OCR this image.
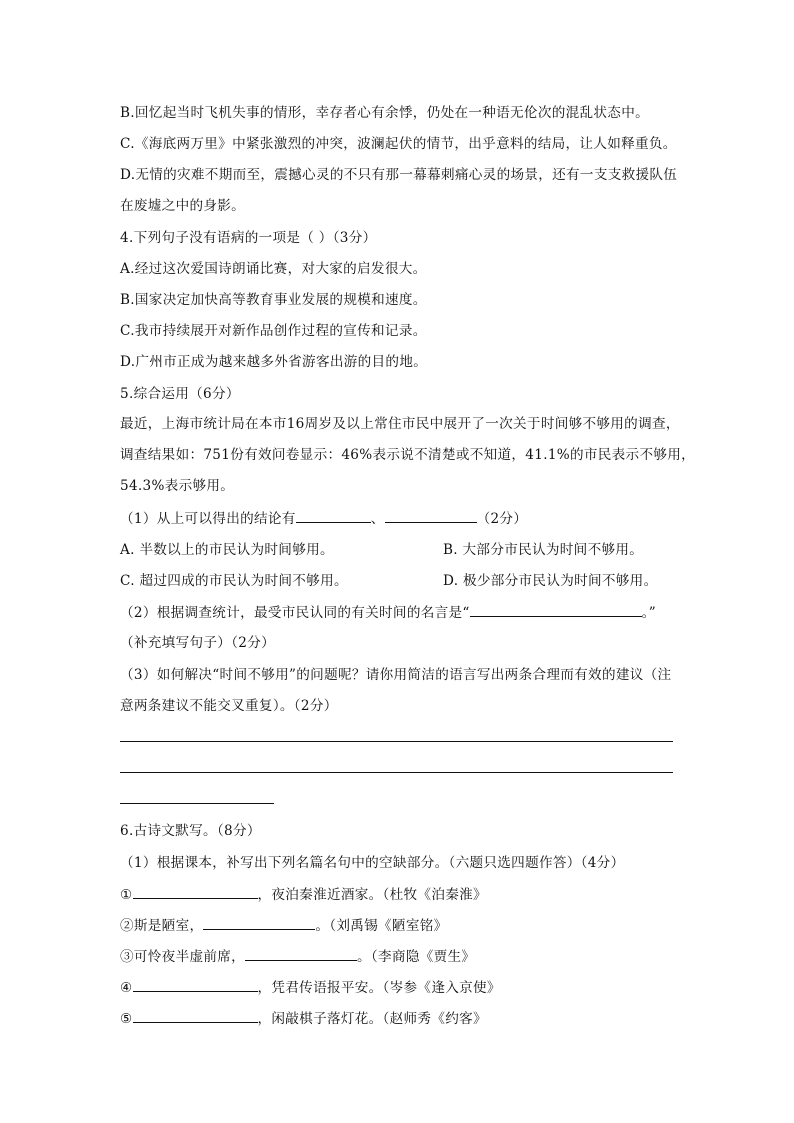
B.回忆起当时飞机失事的情形，幸存者心有余悸，仍处在一种语无伦次的混乱状态中。
C.《海底两万里》中紧张激烈的冲突，波澜起伏的情节，出乎意料的结局，让人如释重负。
D.无情的灾难不期而至，震撼心灵的不只有那一幕幕刺痛心灵的场景，还有一支支救援队伍
在废墟之中的身影。
4.下列句子没有语病的一项是（ ）（3分）
A.经过这次爱国诗朗诵比赛，对大家的启发很大。
B.国家决定加快高等教育事业发展的规模和速度。
C.我市持续展开对新作品创作过程的宣传和记录。
D.广州市正成为越来越多外省游客出游的目的地。
5.综合运用（6分）
最近，上海市统计局在本市16周岁及以上常住市民中展开了一次关于时间够不够用的调查，
调查结果如：751份有效问卷显示：46%表示说不清楚或不知道，41.1%的市民表示不够用，
54.3%表示够用。
（1）从上可以得出的结论有	、	（2分）
A. 半数以上的市民认为时间够用。	B. 大部分市民认为时间不够用。
C. 超过四成的市民认为时间不够用。	D. 极少部分市民认为时间不够用。
（2）根据调查统计，最受市民认同的有关时间的名言是“	。”
（补充填写句子）（2分）
（3）如何解决“时间不够用”的问题呢？请你用简洁的语言写出两条合理而有效的建议（注
意两条建议不能交叉重复）。（2分）
6.古诗文默写。（8分）
（1）根据课本，补写出下列名篇名句中的空缺部分。（六题只选四题作答）（4分）
①	，夜泊秦淮近酒家。（杜牧《泊秦淮》
②斯是陋室，	。（刘禹锡《陋室铭》
③可怜夜半虚前席，	。（李商隐《贾生》
④	，凭君传语报平安。（岑参《逢入京使》
⑤	，闲敲棋子落灯花。（赵师秀《约客》
